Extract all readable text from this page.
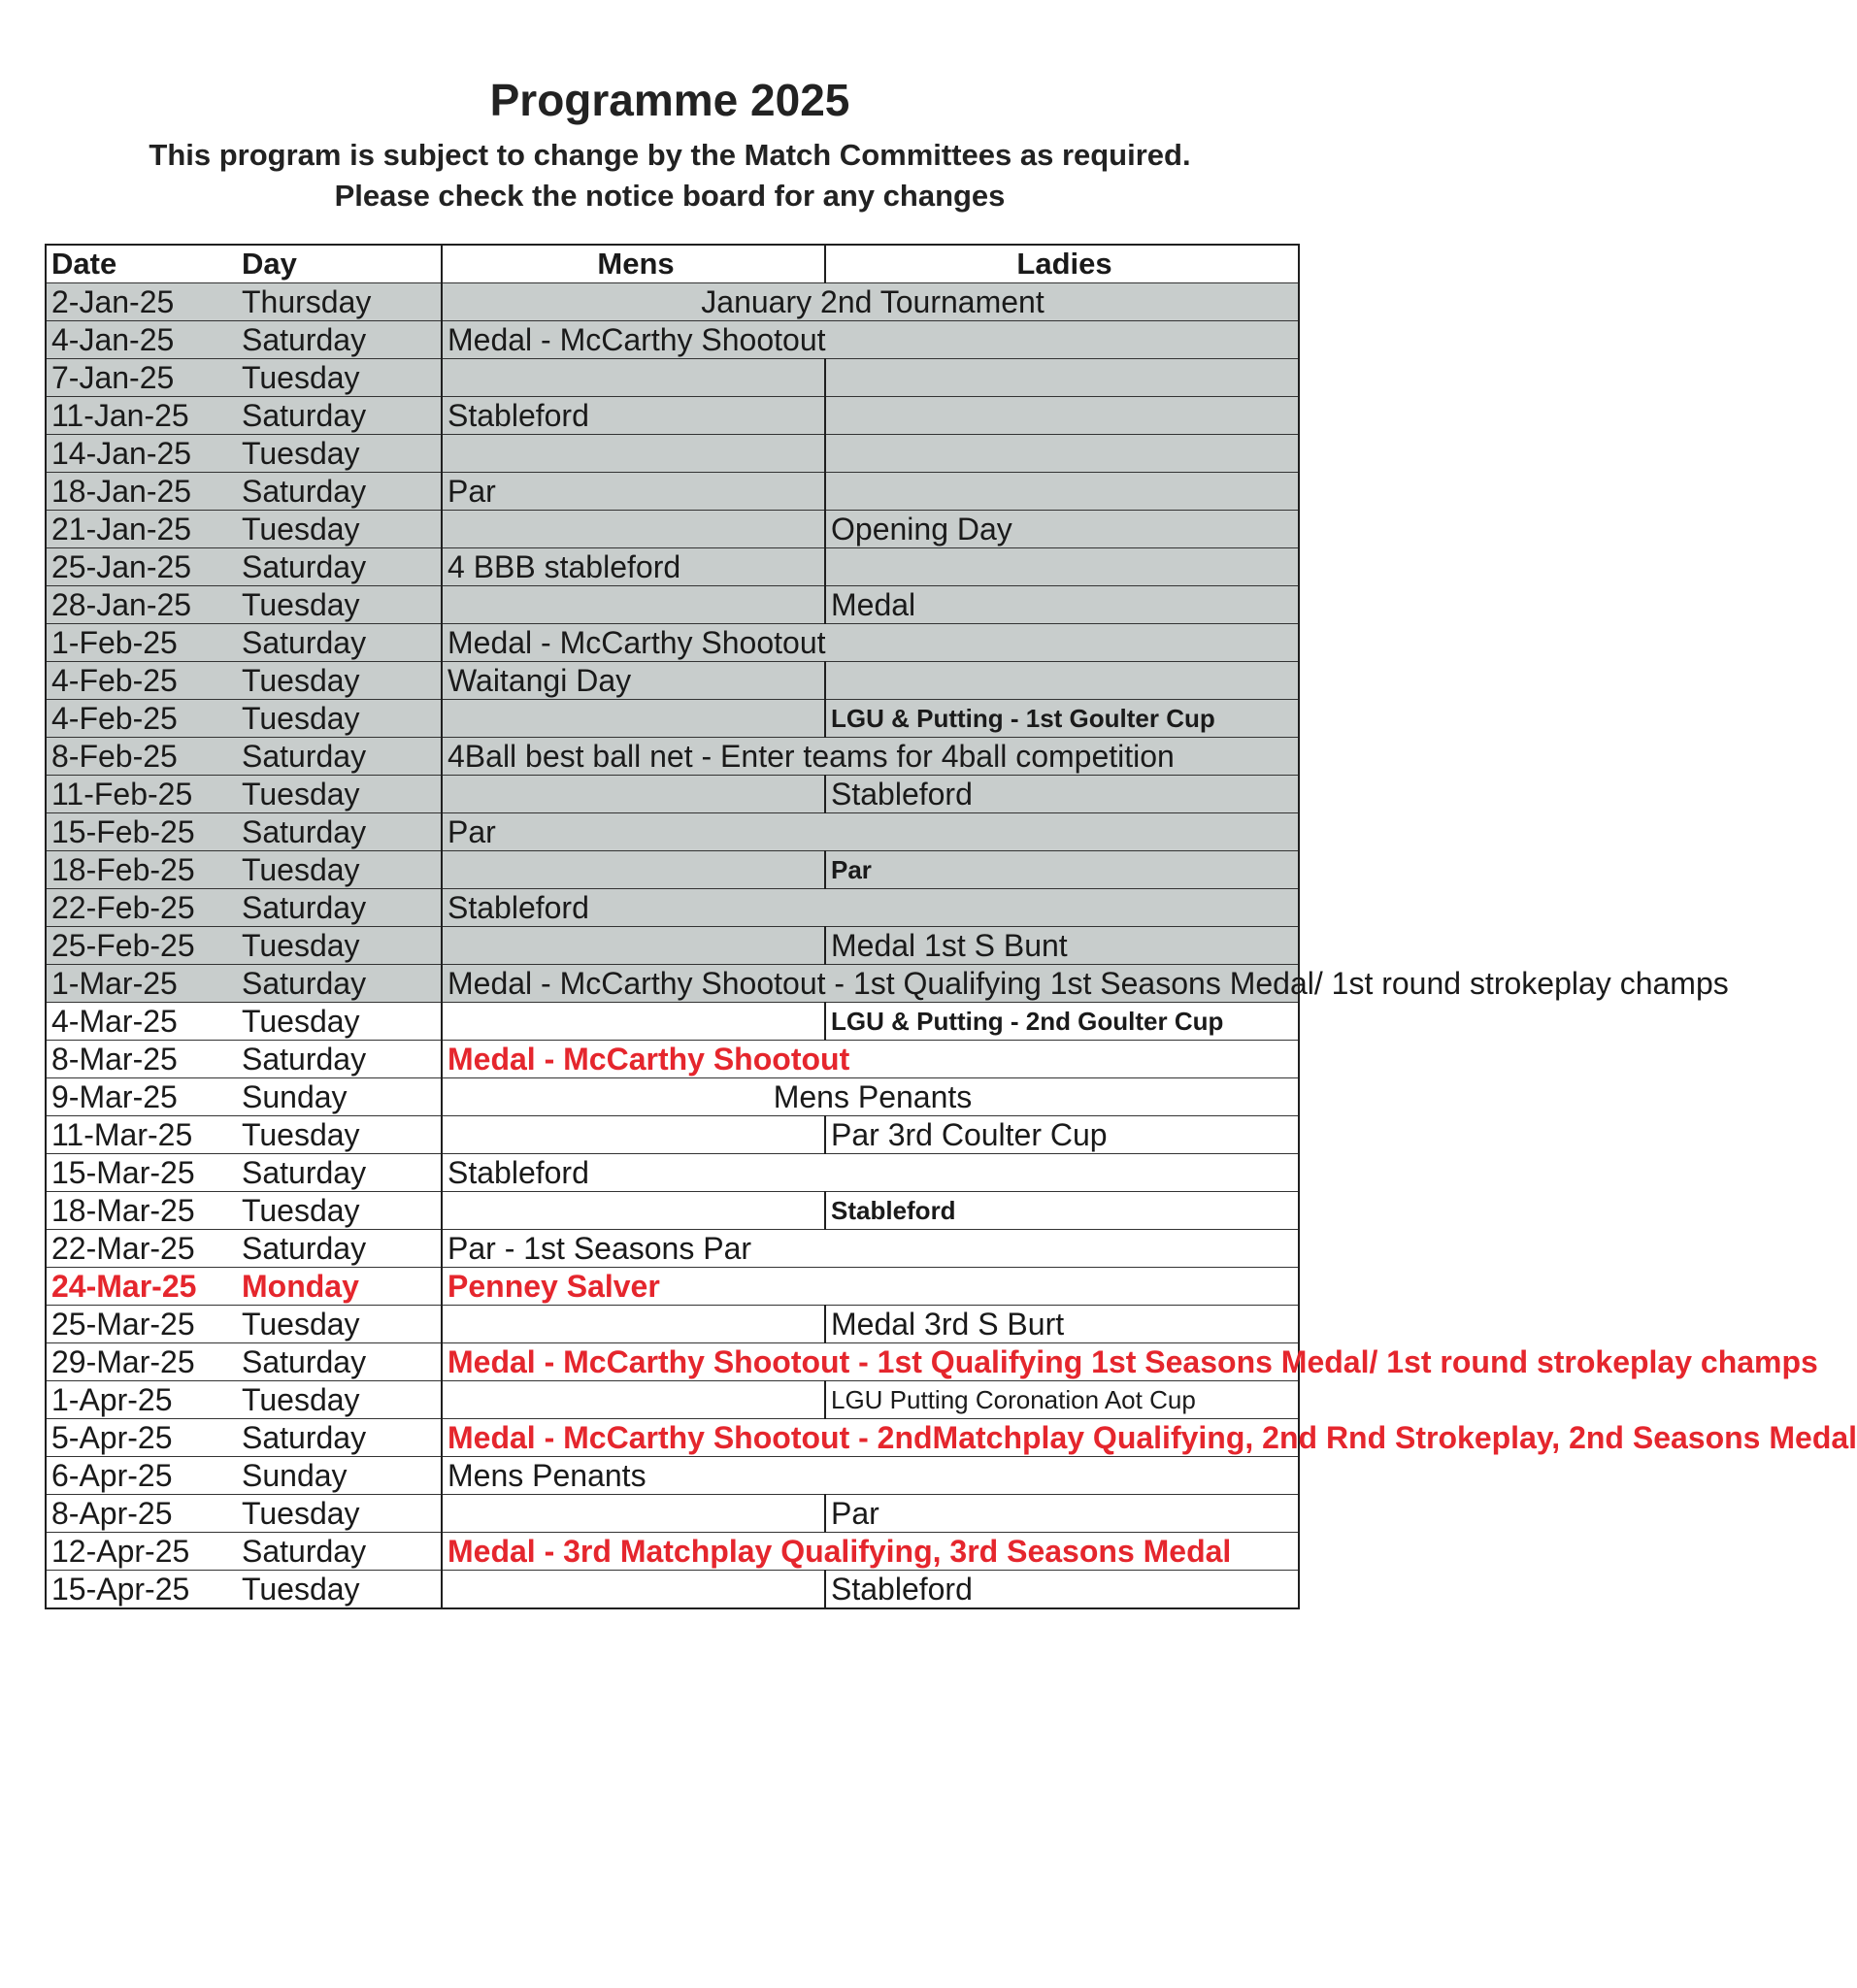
Programme 2025

This program is subject to change by the Match Committees as required.

Please check the notice board for any changes

Date	Day	Mens	Ladies
2-Jan-25	Thursday	January 2nd Tournament	
4-Jan-25	Saturday	Medal - McCarthy Shootout	
7-Jan-25	Tuesday		
11-Jan-25	Saturday	Stableford	
14-Jan-25	Tuesday		
18-Jan-25	Saturday	Par	
21-Jan-25	Tuesday		Opening Day
25-Jan-25	Saturday	4 BBB stableford	
28-Jan-25	Tuesday		Medal
1-Feb-25	Saturday	Medal - McCarthy Shootout	
4-Feb-25	Tuesday	Waitangi Day	
4-Feb-25	Tuesday		LGU & Putting - 1st Goulter Cup
8-Feb-25	Saturday	4Ball best ball net - Enter teams for 4ball competition	
11-Feb-25	Tuesday		Stableford
15-Feb-25	Saturday	Par	
18-Feb-25	Tuesday		Par
22-Feb-25	Saturday	Stableford	
25-Feb-25	Tuesday		Medal 1st S Bunt
1-Mar-25	Saturday	Medal - McCarthy Shootout - 1st Qualifying 1st Seasons Medal/ 1st round strokeplay champs	
4-Mar-25	Tuesday		LGU & Putting - 2nd Goulter Cup
8-Mar-25	Saturday	Medal - McCarthy Shootout	
9-Mar-25	Sunday	Mens Penants	
11-Mar-25	Tuesday		Par 3rd Coulter Cup
15-Mar-25	Saturday	Stableford	
18-Mar-25	Tuesday		Stableford
22-Mar-25	Saturday	Par - 1st Seasons Par	
24-Mar-25	Monday	Penney Salver	
25-Mar-25	Tuesday		Medal 3rd S Burt
29-Mar-25	Saturday	Medal - McCarthy Shootout - 1st Qualifying 1st Seasons Medal/ 1st round strokeplay champs	
1-Apr-25	Tuesday		LGU Putting Coronation Aot Cup
5-Apr-25	Saturday	Medal - McCarthy Shootout - 2ndMatchplay Qualifying, 2nd Rnd Strokeplay, 2nd Seasons Medal	
6-Apr-25	Sunday	Mens Penants	
8-Apr-25	Tuesday		Par
12-Apr-25	Saturday	Medal - 3rd Matchplay Qualifying, 3rd Seasons Medal	
15-Apr-25	Tuesday		Stableford
